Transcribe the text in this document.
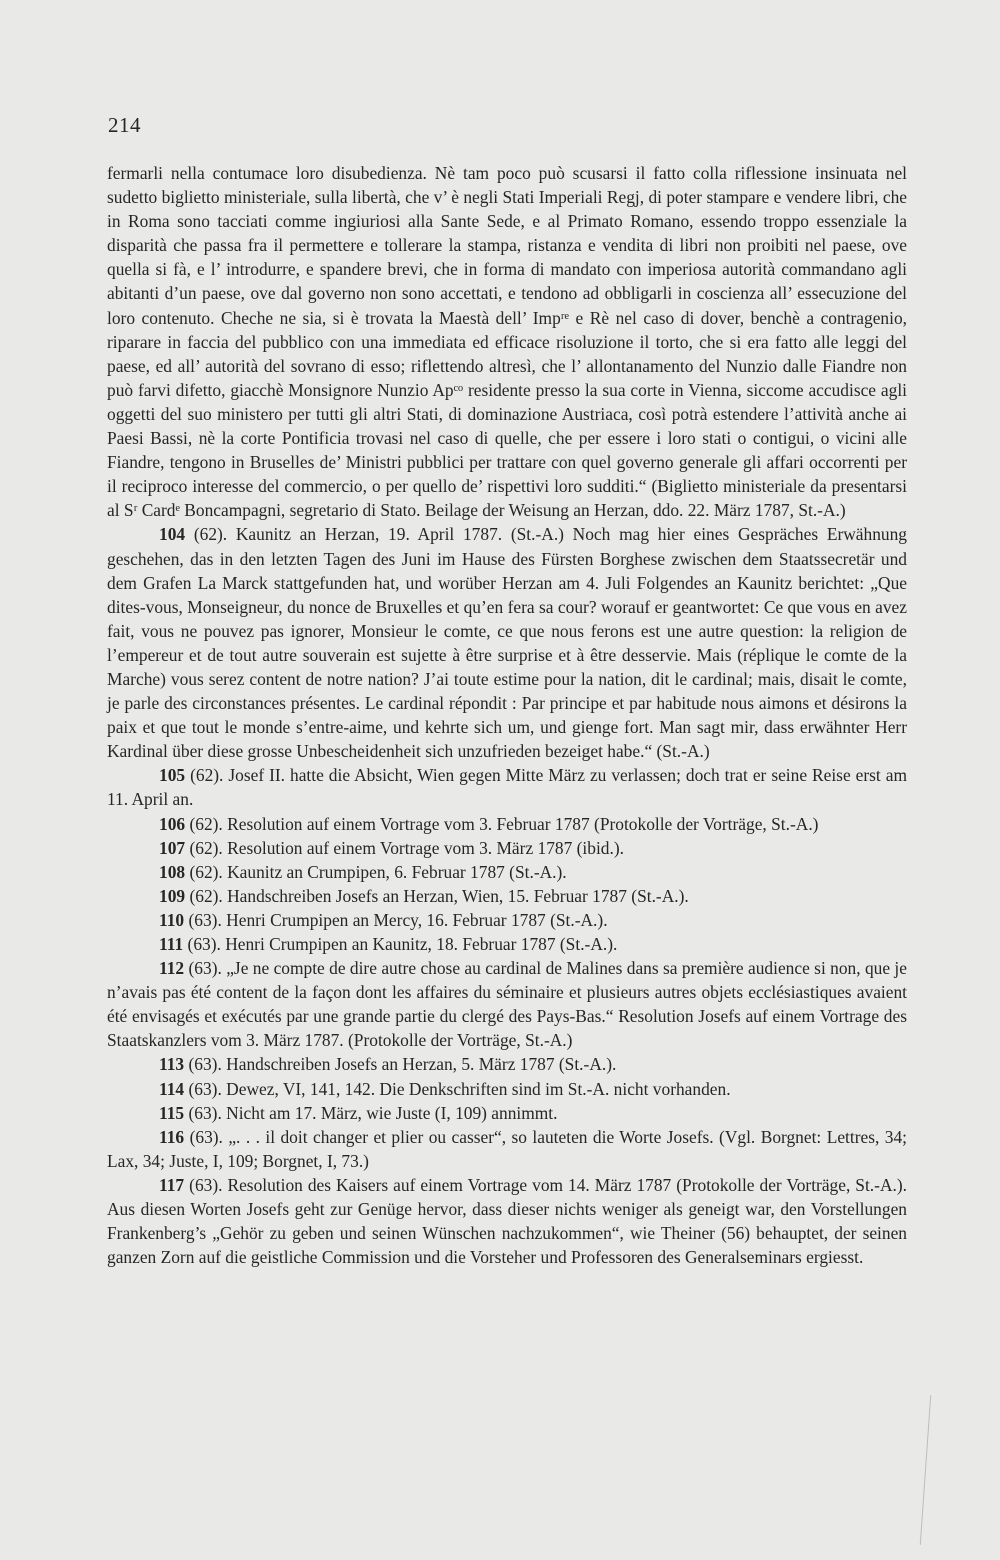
214

fermarli nella contumace loro disubedienza. Nè tam poco può scusarsi il fatto colla riflessione insinuata nel sudetto biglietto ministeriale, sulla libertà, che v’ è negli Stati Imperiali Regj, di poter stampare e vendere libri, che in Roma sono tacciati comme ingiuriosi alla Sante Sede, e al Primato Romano, essendo troppo essenziale la disparità che passa fra il permettere e tollerare la stampa, ristanza e vendita di libri non proibiti nel paese, ove quella si fà, e l’ introdurre, e spandere brevi, che in forma di mandato con imperiosa autorità commandano agli abitanti d’un paese, ove dal governo non sono accettati, e tendono ad obbligarli in coscienza all’ essecuzione del loro contenuto. Cheche ne sia, si è trovata la Maestà dell’ Impʳᵉ e Rè nel caso di dover, benchè a contragenio, riparare in faccia del pubblico con una immediata ed efficace risoluzione il torto, che si era fatto alle leggi del paese, ed all’ autorità del sovrano di esso; riflettendo altresì, che l’ allontanamento del Nunzio dalle Fiandre non può farvi difetto, giacchè Monsignore Nunzio Apᶜᵒ residente presso la sua corte in Vienna, siccome accudisce agli oggetti del suo ministero per tutti gli altri Stati, di dominazione Austriaca, così potrà estendere l’attività anche ai Paesi Bassi, nè la corte Pontificia trovasi nel caso di quelle, che per essere i loro stati o contigui, o vicini alle Fiandre, tengono in Bruselles de’ Ministri pubblici per trattare con quel governo generale gli affari occorrenti per il reciproco interesse del commercio, o per quello de’ rispettivi loro sudditi.“ (Biglietto ministeriale da presentarsi al Sʳ Cardᵉ Boncampagni, segretario di Stato. Beilage der Weisung an Herzan, ddo. 22. März 1787, St.-A.)

104 (62). Kaunitz an Herzan, 19. April 1787. (St.-A.) Noch mag hier eines Gespräches Erwähnung geschehen, das in den letzten Tagen des Juni im Hause des Fürsten Borghese zwischen dem Staatssecretär und dem Grafen La Marck stattgefunden hat, und worüber Herzan am 4. Juli Folgendes an Kaunitz berichtet: „Que dites-vous, Monseigneur, du nonce de Bruxelles et qu’en fera sa cour? worauf er geantwortet: Ce que vous en avez fait, vous ne pouvez pas ignorer, Monsieur le comte, ce que nous ferons est une autre question: la religion de l’empereur et de tout autre souverain est sujette à être surprise et à être desservie. Mais (réplique le comte de la Marche) vous serez content de notre nation? J’ai toute estime pour la nation, dit le cardinal; mais, disait le comte, je parle des circonstances présentes. Le cardinal répondit : Par principe et par habitude nous aimons et désirons la paix et que tout le monde s’entre-aime, und kehrte sich um, und gienge fort. Man sagt mir, dass erwähnter Herr Kardinal über diese grosse Unbescheidenheit sich unzufrieden bezeiget habe.“ (St.-A.)

105 (62). Josef II. hatte die Absicht, Wien gegen Mitte März zu verlassen; doch trat er seine Reise erst am 11. April an.

106 (62). Resolution auf einem Vortrage vom 3. Februar 1787 (Protokolle der Vorträge, St.-A.)

107 (62). Resolution auf einem Vortrage vom 3. März 1787 (ibid.).

108 (62). Kaunitz an Crumpipen, 6. Februar 1787 (St.-A.).

109 (62). Handschreiben Josefs an Herzan, Wien, 15. Februar 1787 (St.-A.).

110 (63). Henri Crumpipen an Mercy, 16. Februar 1787 (St.-A.).

111 (63). Henri Crumpipen an Kaunitz, 18. Februar 1787 (St.-A.).

112 (63). „Je ne compte de dire autre chose au cardinal de Malines dans sa première audience si non, que je n’avais pas été content de la façon dont les affaires du séminaire et plusieurs autres objets ecclésiastiques avaient été envisagés et exécutés par une grande partie du clergé des Pays-Bas.“ Resolution Josefs auf einem Vortrage des Staatskanzlers vom 3. März 1787. (Protokolle der Vorträge, St.-A.)

113 (63). Handschreiben Josefs an Herzan, 5. März 1787 (St.-A.).

114 (63). Dewez, VI, 141, 142. Die Denkschriften sind im St.-A. nicht vorhanden.

115 (63). Nicht am 17. März, wie Juste (I, 109) annimmt.

116 (63). „. . . il doit changer et plier ou casser“, so lauteten die Worte Josefs. (Vgl. Borgnet: Lettres, 34; Lax, 34; Juste, I, 109; Borgnet, I, 73.)

117 (63). Resolution des Kaisers auf einem Vortrage vom 14. März 1787 (Protokolle der Vorträge, St.-A.). Aus diesen Worten Josefs geht zur Genüge hervor, dass dieser nichts weniger als geneigt war, den Vorstellungen Frankenberg’s „Gehör zu geben und seinen Wünschen nachzukommen“, wie Theiner (56) behauptet, der seinen ganzen Zorn auf die geistliche Commission und die Vorsteher und Professoren des Generalseminars ergiesst.
